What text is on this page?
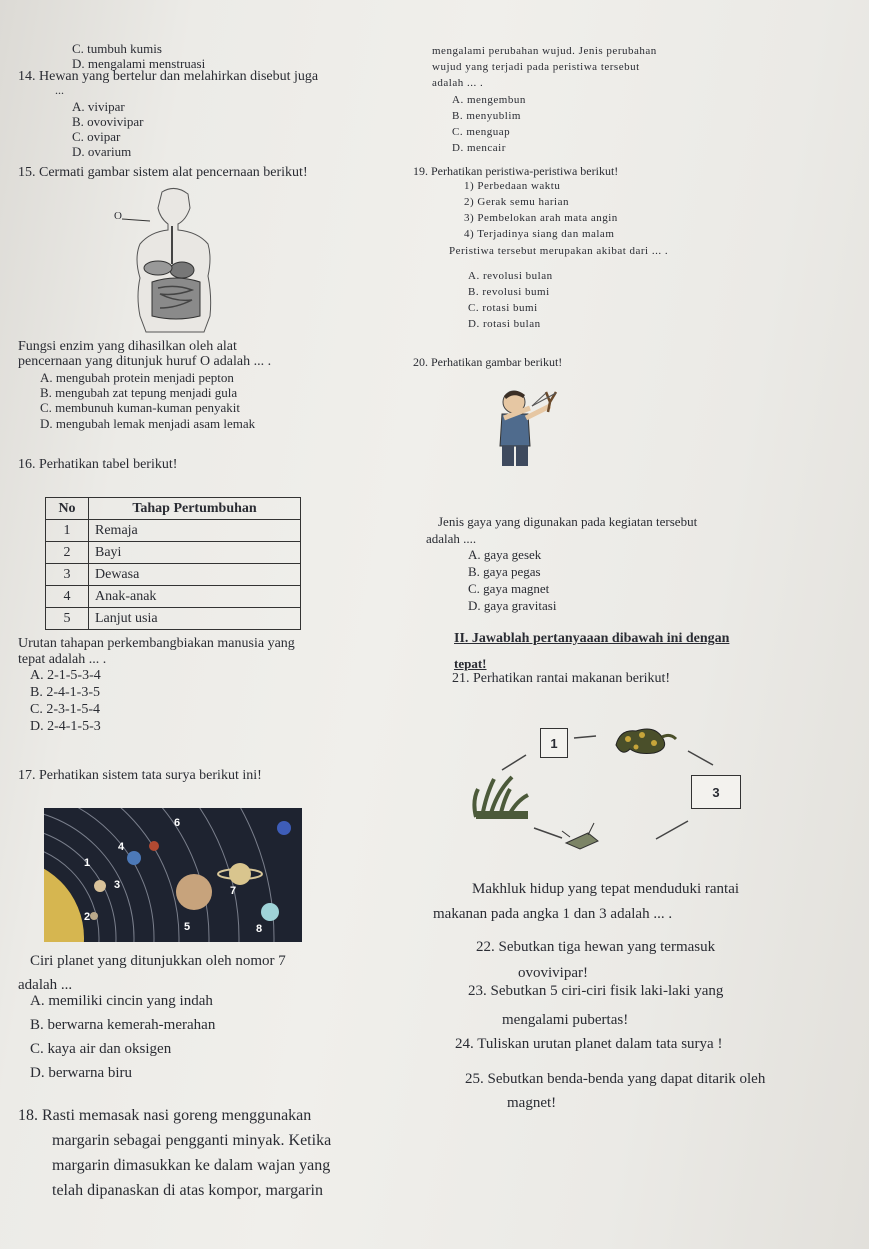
C. tumbuh kumis
D. mengalami menstruasi
14. Hewan yang bertelur dan melahirkan disebut juga
...
A. vivipar
B. ovovivipar
C. ovipar
D. ovarium
15. Cermati gambar sistem alat pencernaan berikut!
O
Fungsi enzim yang dihasilkan oleh alat
pencernaan yang ditunjuk huruf O adalah ... .
A. mengubah protein menjadi pepton
B. mengubah zat tepung menjadi gula
C. membunuh kuman-kuman penyakit
D. mengubah lemak menjadi asam lemak
16. Perhatikan tabel berikut!
No	Tahap Pertumbuhan
1	Remaja
2	Bayi
3	Dewasa
4	Anak-anak
5	Lanjut usia
Urutan tahapan perkembangbiakan manusia yang
tepat adalah ... .
A. 2-1-5-3-4
B. 2-4-1-3-5
C. 2-3-1-5-4
D. 2-4-1-5-3
17. Perhatikan sistem tata surya berikut ini!
1
2
3
4
5
6
7
8
Ciri planet yang ditunjukkan oleh nomor 7
adalah ...
A. memiliki cincin yang indah
B. berwarna kemerah-merahan
C. kaya air dan oksigen
D. berwarna biru
18. Rasti memasak nasi goreng menggunakan
margarin sebagai pengganti minyak. Ketika
margarin dimasukkan ke dalam wajan yang
telah dipanaskan di atas kompor, margarin
mengalami perubahan wujud. Jenis perubahan
wujud yang terjadi pada peristiwa tersebut
adalah ... .
A. mengembun
B. menyublim
C. menguap
D. mencair
19. Perhatikan peristiwa-peristiwa berikut!
1) Perbedaan waktu
2) Gerak semu harian
3) Pembelokan arah mata angin
4) Terjadinya siang dan malam
Peristiwa tersebut merupakan akibat dari ... .
A. revolusi bulan
B. revolusi bumi
C. rotasi bumi
D. rotasi bulan
20. Perhatikan gambar berikut!
Jenis gaya yang digunakan pada kegiatan tersebut
adalah ....
A. gaya gesek
B. gaya pegas
C. gaya magnet
D. gaya gravitasi
II. Jawablah pertanyaaan dibawah ini dengan
tepat!
21. Perhatikan rantai makanan berikut!
1
3
Makhluk hidup yang tepat menduduki rantai
makanan pada angka 1 dan 3 adalah ... .
22. Sebutkan tiga hewan yang termasuk
ovovivipar!
23. Sebutkan 5 ciri-ciri fisik laki-laki yang
mengalami pubertas!
24. Tuliskan urutan planet dalam tata surya !
25. Sebutkan benda-benda yang dapat ditarik oleh
magnet!
